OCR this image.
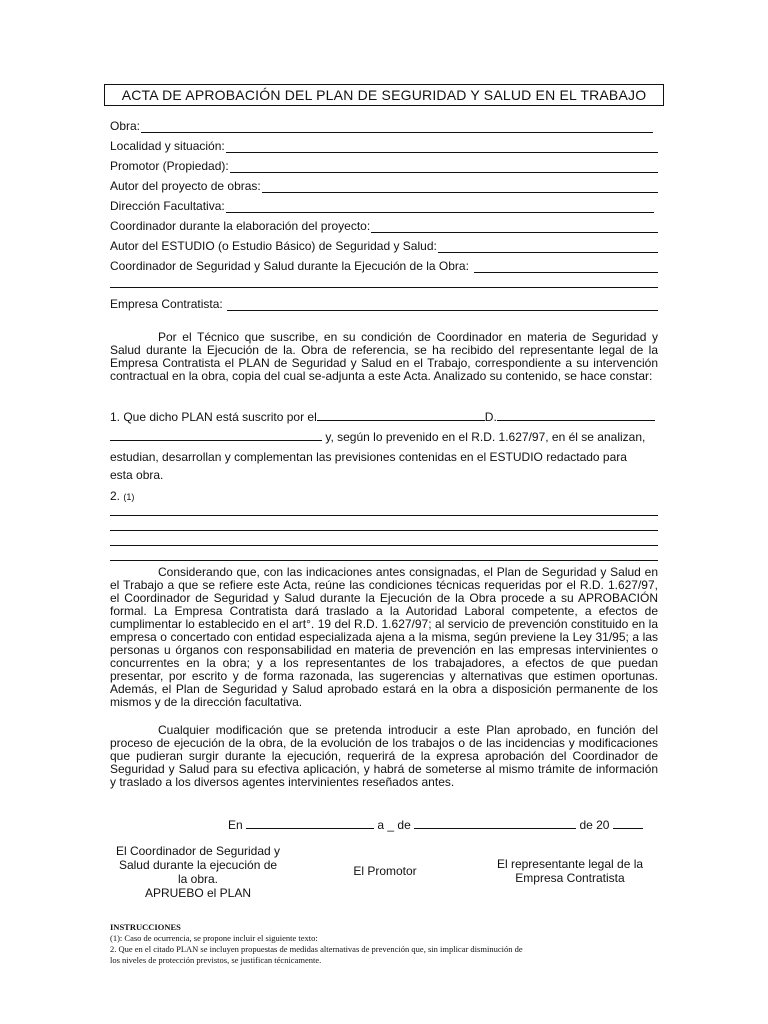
ACTA DE APROBACIÓN DEL PLAN DE SEGURIDAD Y SALUD EN EL TRABAJO
Obra:
Localidad y situación:
Promotor (Propiedad):
Autor del proyecto de obras:
Dirección Facultativa:
Coordinador durante la elaboración del proyecto:
Autor del ESTUDIO (o Estudio Básico) de Seguridad y Salud:
Coordinador de Seguridad y Salud durante la Ejecución de la Obra:
Empresa Contratista:

Por el Técnico que suscribe, en su condición de Coordinador en materia de Seguridad y Salud durante la Ejecución de la. Obra de referencia, se ha recibido del representante legal de la Empresa Contratista el PLAN de Seguridad y Salud en el Trabajo, correspondiente a su intervención contractual en la obra, copia del cual se-adjunta a este Acta. Analizado su contenido, se hace constar:

1. Que dicho PLAN está suscrito por el	D.
y, según lo prevenido en el R.D. 1.627/97, en él se analizan,
estudian, desarrollan y complementan las previsiones contenidas en el ESTUDIO redactado para
esta obra.
2. (1)

Considerando que, con las indicaciones antes consignadas, el Plan de Seguridad y Salud en el Trabajo a que se refiere este Acta, reúne las condiciones técnicas requeridas por el R.D. 1.627/97, el Coordinador de Seguridad y Salud durante la Ejecución de la Obra procede a su APROBACIÓN formal. La Empresa Contratista dará traslado a la Autoridad Laboral competente, a efectos de cumplimentar lo establecido en el art°. 19 del R.D. 1.627/97; al servicio de prevención constituido en la empresa o concertado con entidad especializada ajena a la misma, según previene la Ley 31/95; a las personas u órganos con responsabilidad en materia de prevención en las empresas intervinientes o concurrentes en la obra; y a los representantes de los trabajadores, a efectos de que puedan presentar, por escrito y de forma razonada, las sugerencias y alternativas que estimen oportunas. Además, el Plan de Seguridad y Salud aprobado estará en la obra a disposición permanente de los mismos y de la dirección facultativa.

Cualquier modificación que se pretenda introducir a este Plan aprobado, en función del proceso de ejecución de la obra, de la evolución de los trabajos o de las incidencias y modificaciones que pudieran surgir durante la ejecución, requerirá de la expresa aprobación del Coordinador de Seguridad y Salud para su efectiva aplicación, y habrá de someterse al mismo trámite de información y traslado a los diversos agentes intervinientes reseñados antes.

En	a _ de	de 20
El Coordinador de Seguridad y
Salud durante la ejecución de
la obra.
APRUEBO el PLAN
El Promotor	El representante legal de la
Empresa Contratista
INSTRUCCIONES
(1): Caso de ocurrencia, se propone incluir el siguiente texto:
2. Que en el citado PLAN se incluyen propuestas de medidas alternativas de prevención que, sin implicar disminución de
los niveles de protección previstos, se justifican técnicamente.
